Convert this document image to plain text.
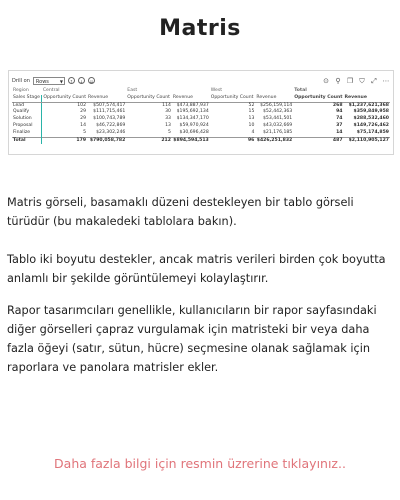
Matris
Drill on	Rows	▼	↑	↓	⇊	⊙ ⚲ ❐ ⛉ ⤢ ⋯
Region	Central		East		West		Total	
Sales Stage	Opportunity Count	Revenue	Opportunity Count	Revenue	Opportunity Count	Revenue	Opportunity Count	Revenue
Lead	102	$507,574,417	114	$473,887,937	52	$256,159,114	268	$1,237,621,368
Qualify	29	$111,715,461	30	$195,692,134	15	$52,442,363	94	$359,849,958
Solution	29	$100,743,789	33	$134,347,170	13	$53,441,501	74	$288,532,460
Proposal	14	$46,722,869	13	$59,970,924	10	$43,032,669	37	$149,726,462
Finalize	5	$23,302,246	5	$30,696,428	4	$21,176,185	14	$75,174,859
Total	179	$790,058,782	212	$894,594,513	96	$426,251,832	487	$2,110,905,127
Matris görseli, basamaklı düzeni destekleyen bir tablo görseli türüdür (bu makaledeki tablolara bakın).
Tablo iki boyutu destekler, ancak matris verileri birden çok boyutta anlamlı bir şekilde görüntülemeyi kolaylaştırır.
Rapor tasarımcıları genellikle, kullanıcıların bir rapor sayfasındaki diğer görselleri çapraz vurgulamak için matristeki bir veya daha fazla öğeyi (satır, sütun, hücre) seçmesine olanak sağlamak için raporlara ve panolara matrisler ekler.
Daha fazla bilgi için resmin üzrerine tıklayınız..
